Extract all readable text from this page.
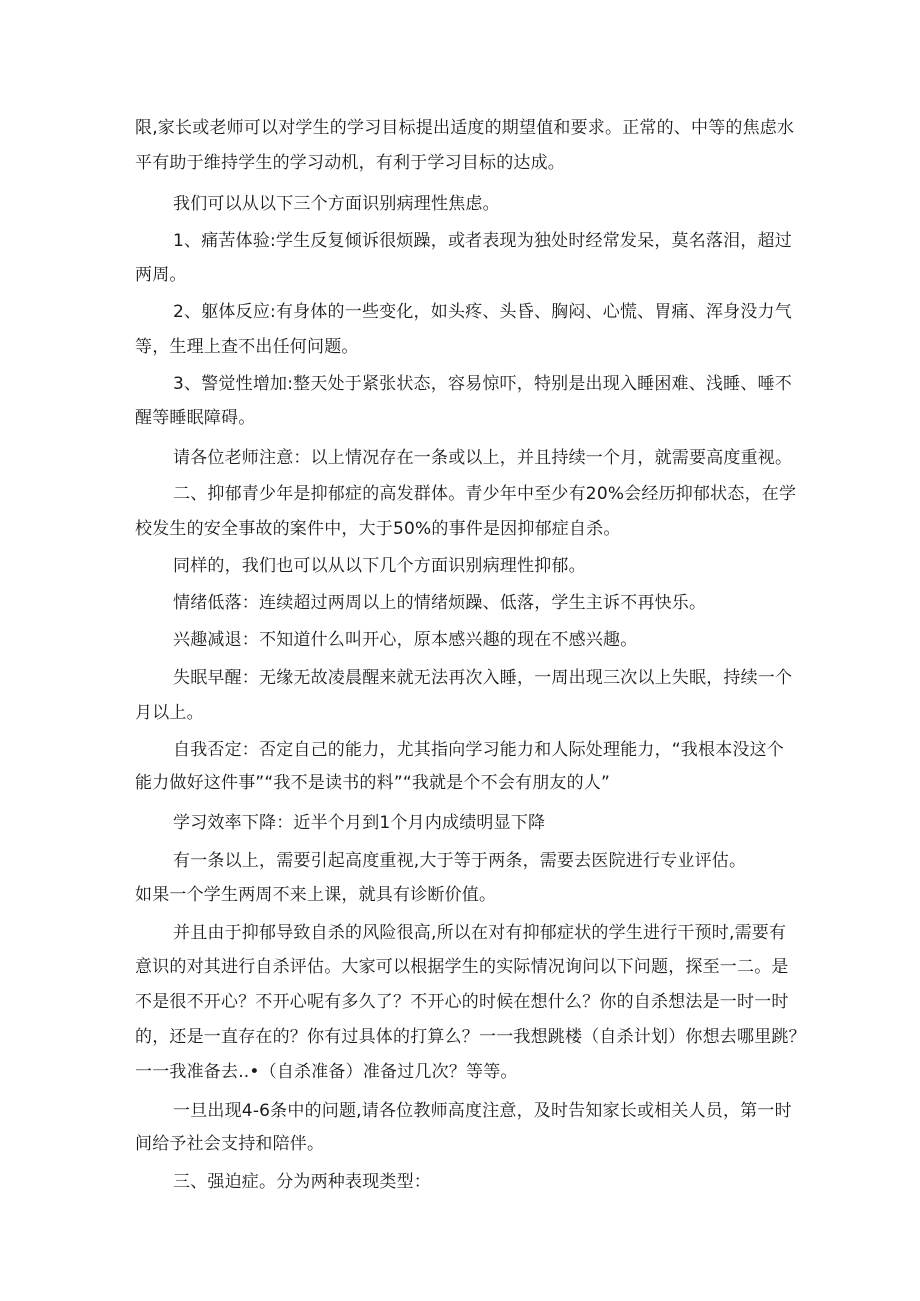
限,家长或老师可以对学生的学习目标提出适度的期望值和要求。正常的、中等的焦虑水
平有助于维持学生的学习动机，有利于学习目标的达成。
我们可以从以下三个方面识别病理性焦虑。
1、痛苦体验:学生反复倾诉很烦躁，或者表现为独处时经常发呆，莫名落泪，超过
两周。
2、躯体反应:有身体的一些变化，如头疼、头昏、胸闷、心慌、胃痛、浑身没力气
等，生理上查不出任何问题。
3、警觉性增加:整天处于紧张状态，容易惊吓，特别是出现入睡困难、浅睡、唾不
醒等睡眠障碍。
请各位老师注意：以上情况存在一条或以上，并且持续一个月，就需要高度重视。
二、抑郁青少年是抑郁症的高发群体。青少年中至少有20%会经历抑郁状态，在学
校发生的安全事故的案件中，大于50%的事件是因抑郁症自杀。
同样的，我们也可以从以下几个方面识别病理性抑郁。
情绪低落：连续超过两周以上的情绪烦躁、低落，学生主诉不再快乐。
兴趣减退：不知道什么叫开心，原本感兴趣的现在不感兴趣。
失眠早醒：无缘无故凌晨醒来就无法再次入睡，一周出现三次以上失眠，持续一个
月以上。
自我否定：否定自己的能力，尤其指向学习能力和人际处理能力，“我根本没这个
能力做好这件事”“我不是读书的料”“我就是个不会有朋友的人”
学习效率下降：近半个月到1个月内成绩明显下降
有一条以上，需要引起高度重视,大于等于两条，需要去医院进行专业评估。
如果一个学生两周不来上课，就具有诊断价值。
并且由于抑郁导致自杀的风险很高,所以在对有抑郁症状的学生进行干预时,需要有
意识的对其进行自杀评估。大家可以根据学生的实际情况询问以下问题，探至一二。是
不是很不开心？不开心呢有多久了？不开心的时候在想什么？你的自杀想法是一时一时
的，还是一直存在的？你有过具体的打算么？一一我想跳楼（自杀计划）你想去哪里跳？
一一我准备去..•（自杀准备）准备过几次？等等。
一旦出现4-6条中的问题,请各位教师高度注意，及时告知家长或相关人员，第一时
间给予社会支持和陪伴。
三、强迫症。分为两种表现类型：
